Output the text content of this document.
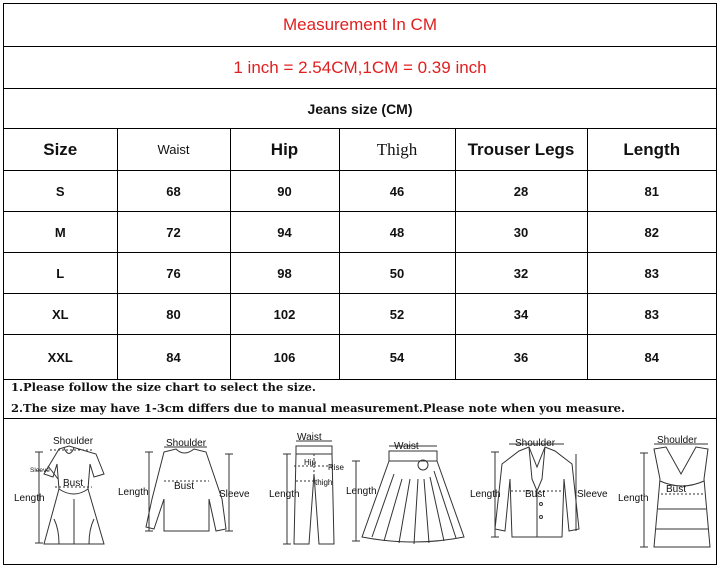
Measurement In CM
1 inch = 2.54CM,1CM = 0.39 inch
Jeans size (CM)
Size	Waist	Hip	Thigh	Trouser Legs	Length
S	68	90	46	28	81
M	72	94	48	30	82
L	76	98	50	32	83
XL	80	102	52	34	83
XXL	84	106	54	36	84
1.Please follow the size chart to select the size.
2.The size may have 1-3cm differs due to manual measurement.Please note when you measure.
Shoulder
Sleeve
Bust
Length
Shoulder
Bust
Length	Sleeve
Waist
Hip
Rise
thigh
Length
Waist
Length
Shoulder
Bust
Length	Sleeve
Shoulder
Bust
Length
